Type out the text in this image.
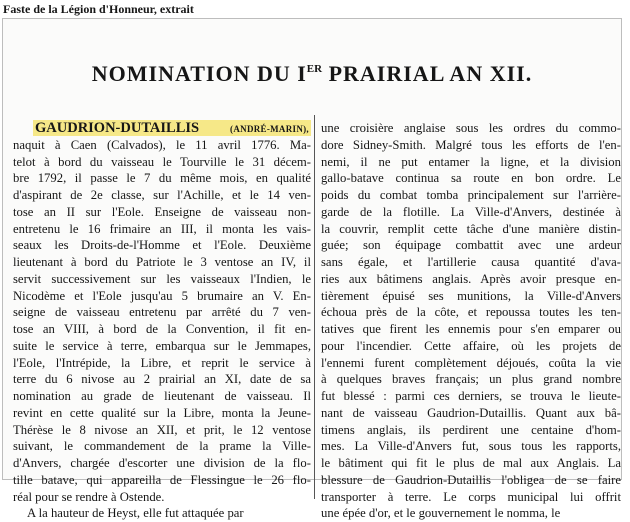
Faste de la Légion d'Honneur, extrait
NOMINATION DU IER PRAIRIAL AN XII.
GAUDRION-DUTAILLIS	(ANDRÉ-MARIN),
naquit à Caen (Calvados), le 11 avril 1776. Ma-
telot à bord du vaisseau le Tourville le 31 décem-
bre 1792, il passe le 7 du même mois, en qualité
d'aspirant de 2e classe, sur l'Achille, et le 14 ven-
tose an II sur l'Eole. Enseigne de vaisseau non-
entretenu le 16 frimaire an III, il monta les vais-
seaux les Droits-de-l'Homme et l'Eole. Deuxième
lieutenant à bord du Patriote le 3 ventose an IV, il
servit successivement sur les vaisseaux l'Indien, le
Nicodème et l'Eole jusqu'au 5 brumaire an V. En-
seigne de vaisseau entretenu par arrêté du 7 ven-
tose an VIII, à bord de la Convention, il fit en-
suite le service à terre, embarqua sur le Jemmapes,
l'Eole, l'Intrépide, la Libre, et reprit le service à
terre du 6 nivose au 2 prairial an XI, date de sa
nomination au grade de lieutenant de vaisseau. Il
revint en cette qualité sur la Libre, monta la Jeune-
Thérèse le 8 nivose an XII, et prit, le 12 ventose
suivant, le commandement de la prame la Ville-
d'Anvers, chargée d'escorter une division de la flo-
tille batave, qui appareilla de Flessingue le 26 flo-
réal pour se rendre à Ostende.
A la hauteur de Heyst, elle fut attaquée par
une croisière anglaise sous les ordres du commo-
dore Sidney-Smith. Malgré tous les efforts de l'en-
nemi, il ne put entamer la ligne, et la division
gallo-batave continua sa route en bon ordre. Le
poids du combat tomba principalement sur l'arrière-
garde de la flotille. La Ville-d'Anvers, destinée à
la couvrir, remplit cette tâche d'une manière distin-
guée; son équipage combattit avec une ardeur
sans égale, et l'artillerie causa quantité d'ava-
ries aux bâtimens anglais. Après avoir presque en-
tièrement épuisé ses munitions, la Ville-d'Anvers
échoua près de la côte, et repoussa toutes les ten-
tatives que firent les ennemis pour s'en emparer ou
pour l'incendier. Cette affaire, où les projets de
l'ennemi furent complètement déjoués, coûta la vie
à quelques braves français; un plus grand nombre
fut blessé : parmi ces derniers, se trouva le lieute-
nant de vaisseau Gaudrion-Dutaillis. Quant aux bâ-
timens anglais, ils perdirent une centaine d'hom-
mes. La Ville-d'Anvers fut, sous tous les rapports,
le bâtiment qui fit le plus de mal aux Anglais. La
blessure de Gaudrion-Dutaillis l'obligea de se faire
transporter à terre. Le corps municipal lui offrit
une épée d'or, et le gouvernement le nomma, le
